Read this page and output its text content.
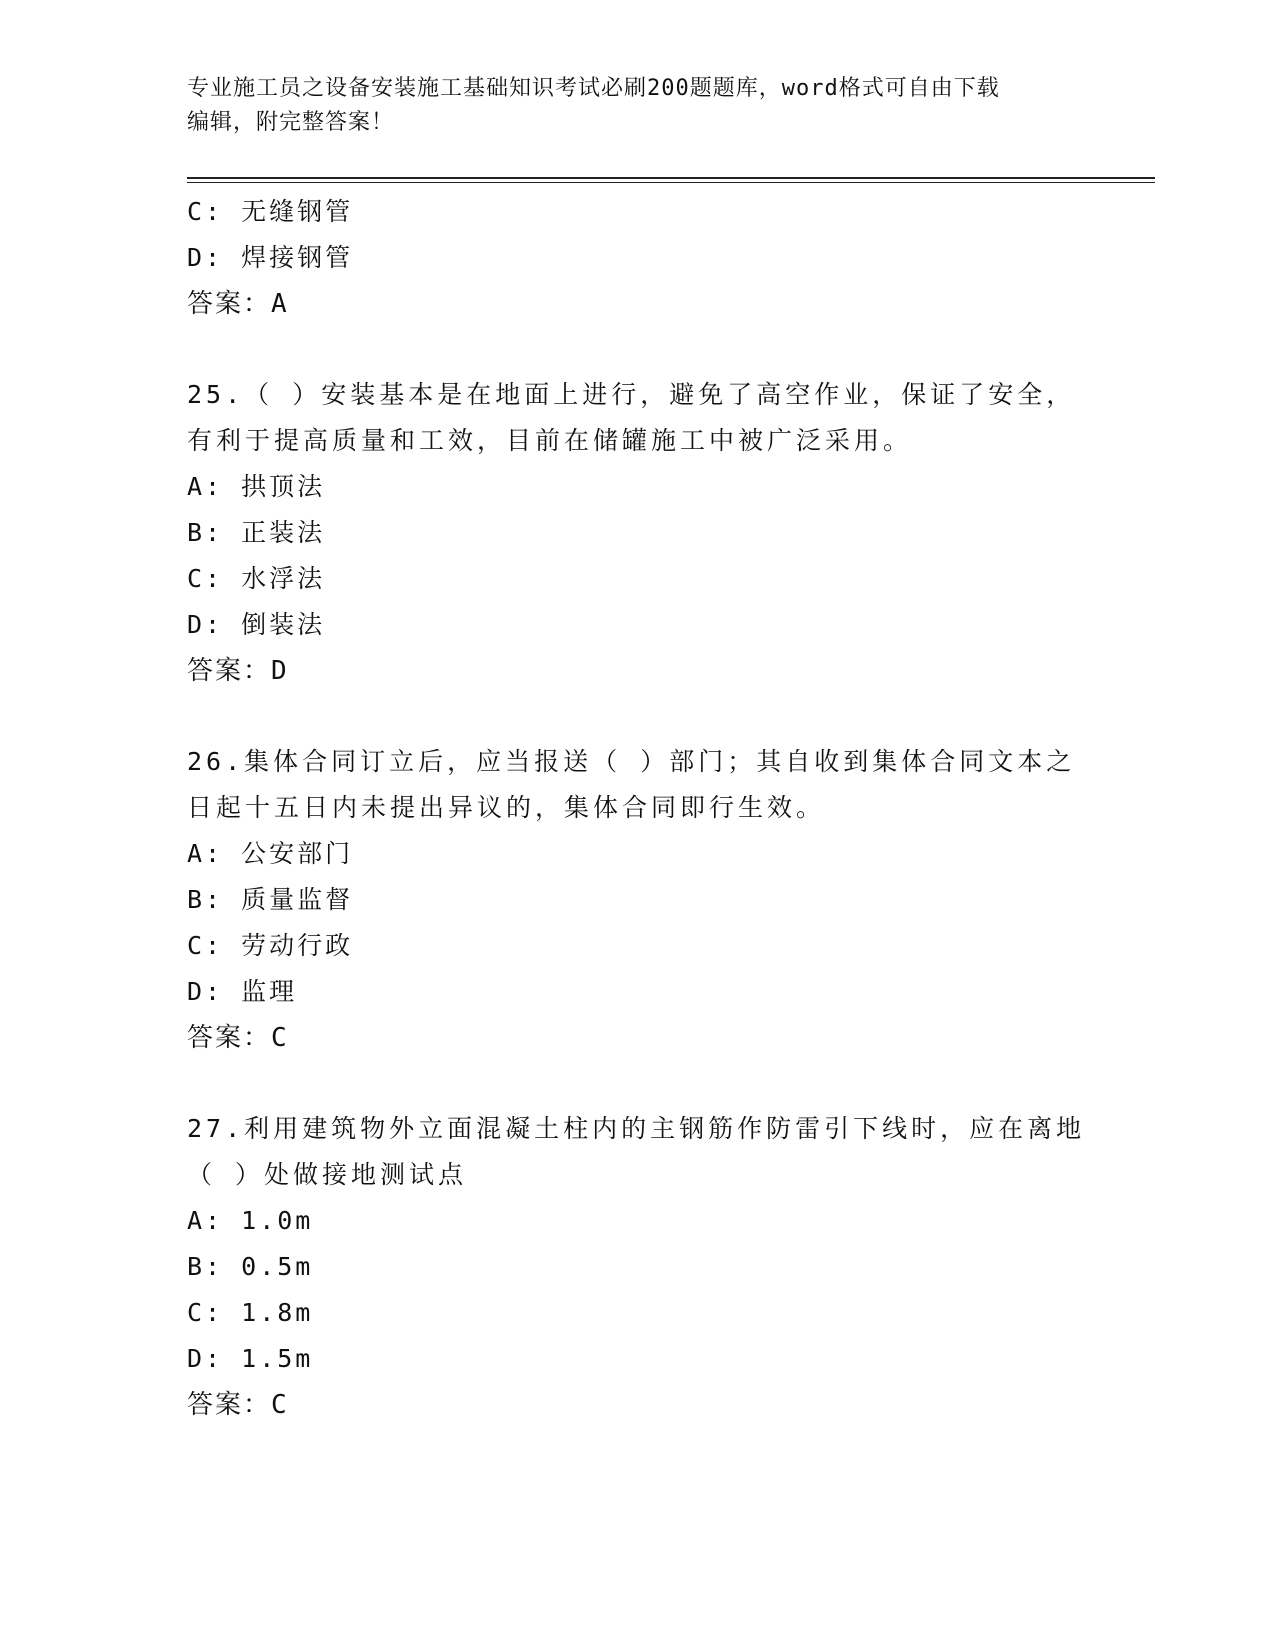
专业施工员之设备安装施工基础知识考试必刷200题题库，word格式可自由下载
编辑，附完整答案！
C: 无缝钢管
D: 焊接钢管
答案：A
25.（ ）安装基本是在地面上进行，避免了高空作业，保证了安全，
有利于提高质量和工效，目前在储罐施工中被广泛采用。
A: 拱顶法
B: 正装法
C: 水浮法
D: 倒装法
答案：D
26.集体合同订立后，应当报送（ ）部门；其自收到集体合同文本之
日起十五日内未提出异议的，集体合同即行生效。
A: 公安部门
B: 质量监督
C: 劳动行政
D: 监理
答案：C
27.利用建筑物外立面混凝土柱内的主钢筋作防雷引下线时，应在离地
（ ）处做接地测试点
A: 1.0m
B: 0.5m
C: 1.8m
D: 1.5m
答案：C
